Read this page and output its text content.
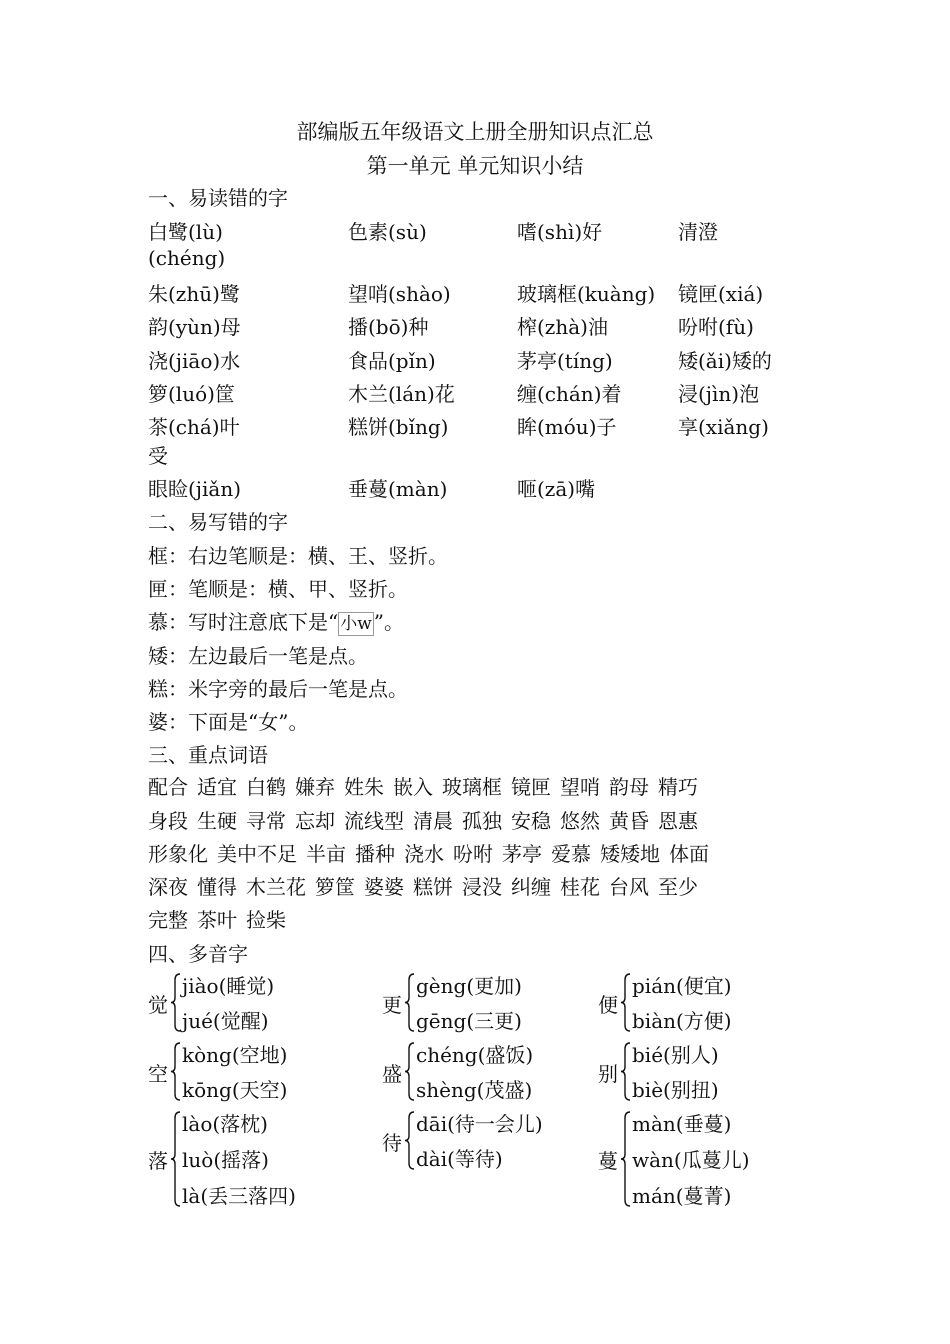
部编版五年级语文上册全册知识点汇总
第一单元 单元知识小结
一、易读错的字
白鹭(lù)	色素(sù)	嗜(shì)好	清澄
(chéng)
朱(zhū)鹭	望哨(shào)	玻璃框(kuàng) 镜匣(xiá)
韵(yùn)母	播(bō)种	榨(zhà)油	吩咐(fù)
浇(jiāo)水	食品(pǐn)	茅亭(tíng)	矮(ǎi)矮的
箩(luó)筐	木兰(lán)花	缠(chán)着	浸(jìn)泡
茶(chá)叶	糕饼(bǐng)	眸(móu)子	享(xiǎng)
受
眼睑(jiǎn)	垂蔓(màn)	咂(zā)嘴
二、易写错的字
框：右边笔顺是：横、王、竖折。
匣：笔顺是：横、甲、竖折。
慕：写时注意底下是“ 小w ”。
矮：左边最后一笔是点。
糕：米字旁的最后一笔是点。
婆：下面是“女”。
三、重点词语
配合 适宜 白鹤 嫌弃 姓朱 嵌入 玻璃框 镜匣 望哨 韵母 精巧
身段 生硬 寻常 忘却 流线型 清晨 孤独 安稳 悠然 黄昏 恩惠
形象化 美中不足 半亩 播种 浇水 吩咐 茅亭 爱慕 矮矮地 体面
深夜 懂得 木兰花 箩筐 婆婆 糕饼 浸没 纠缠 桂花 台风 至少
完整 茶叶 捡柴
四、多音字
觉
jiào(睡觉)
jué(觉醒)
更
gèng(更加)
gēng(三更)
便
pián(便宜)
biàn(方便)
空
kòng(空地)
kōng(天空)
盛
chéng(盛饭)
shèng(茂盛)
别
bié(别人)
biè(别扭)
落
lào(落枕)
luò(摇落)
là(丢三落四)
待
dāi(待一会儿)
dài(等待)	蔓
màn(垂蔓)
wàn(瓜蔓儿)
mán(蔓菁)
